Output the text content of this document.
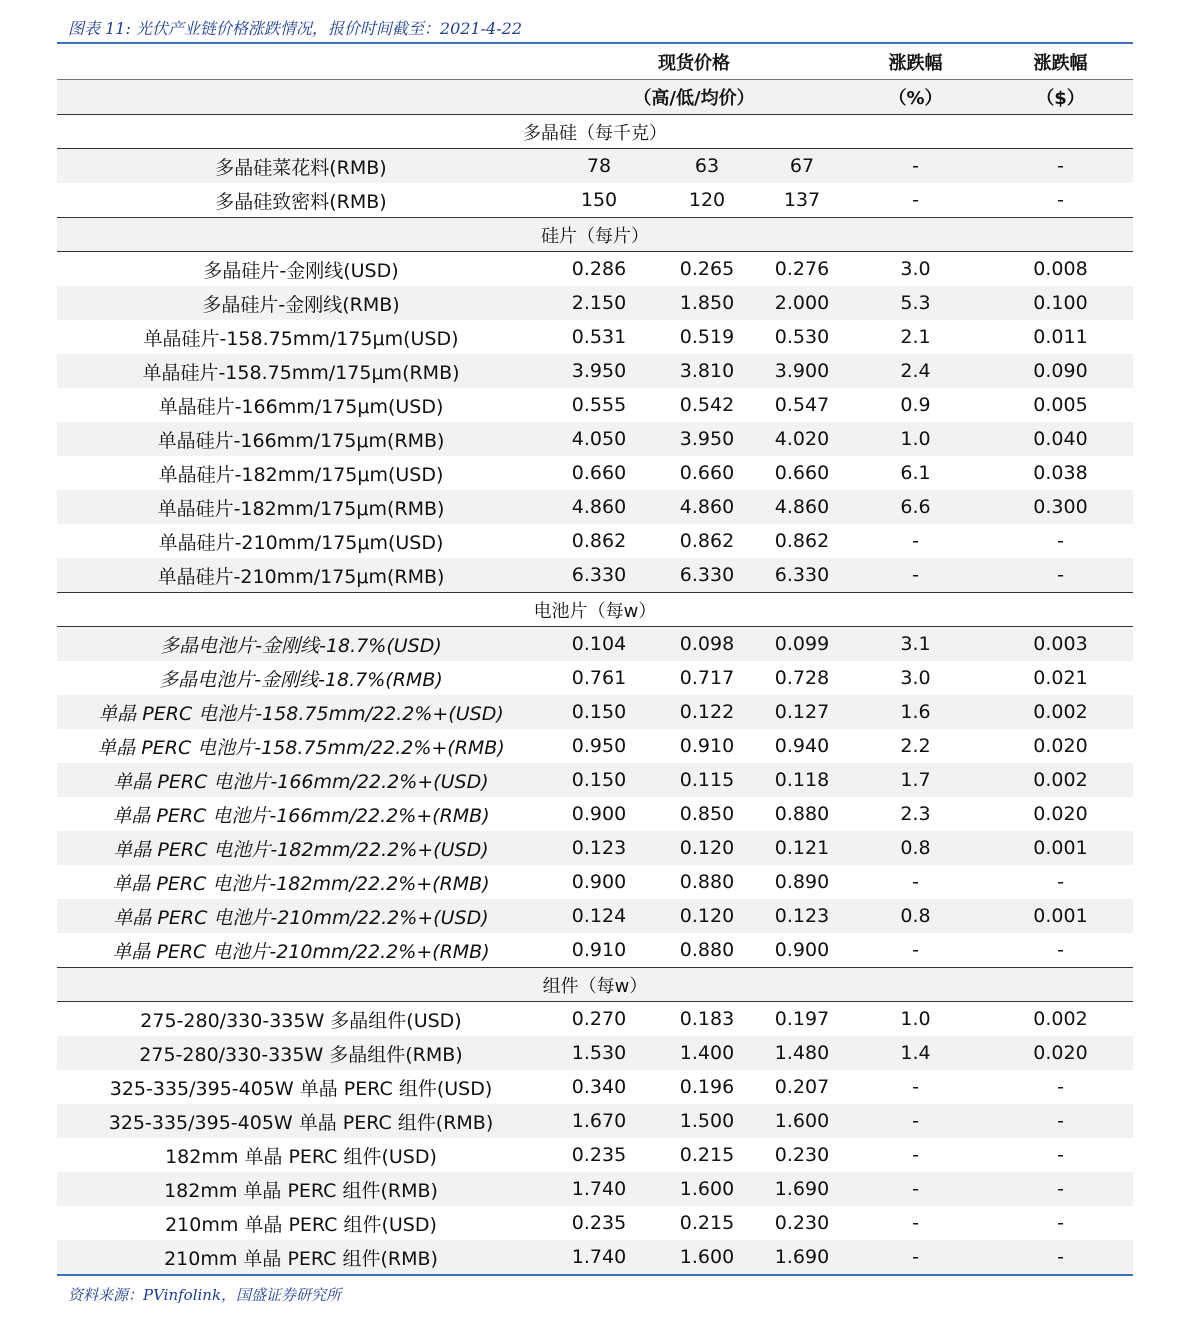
图表 11: 光伏产业链价格涨跌情况，报价时间截至：2021-4-22
	现货价格			涨跌幅	涨跌幅
	（高/低/均价）			（%）	（$）
多晶硅（每千克）					
多晶硅菜花料(RMB)	78	63	67	-	-
多晶硅致密料(RMB)	150	120	137	-	-
硅片（每片）					
多晶硅片-金刚线(USD)	0.286	0.265	0.276	3.0	0.008
多晶硅片-金刚线(RMB)	2.150	1.850	2.000	5.3	0.100
单晶硅片-158.75mm/175μm(USD)	0.531	0.519	0.530	2.1	0.011
单晶硅片-158.75mm/175μm(RMB)	3.950	3.810	3.900	2.4	0.090
单晶硅片-166mm/175μm(USD)	0.555	0.542	0.547	0.9	0.005
单晶硅片-166mm/175μm(RMB)	4.050	3.950	4.020	1.0	0.040
单晶硅片-182mm/175μm(USD)	0.660	0.660	0.660	6.1	0.038
单晶硅片-182mm/175μm(RMB)	4.860	4.860	4.860	6.6	0.300
单晶硅片-210mm/175μm(USD)	0.862	0.862	0.862	-	-
单晶硅片-210mm/175μm(RMB)	6.330	6.330	6.330	-	-
电池片（每w）					
多晶电池片-金刚线-18.7%(USD)	0.104	0.098	0.099	3.1	0.003
多晶电池片-金刚线-18.7%(RMB)	0.761	0.717	0.728	3.0	0.021
单晶 PERC 电池片-158.75mm/22.2%+(USD)	0.150	0.122	0.127	1.6	0.002
单晶 PERC 电池片-158.75mm/22.2%+(RMB)	0.950	0.910	0.940	2.2	0.020
单晶 PERC 电池片-166mm/22.2%+(USD)	0.150	0.115	0.118	1.7	0.002
单晶 PERC 电池片-166mm/22.2%+(RMB)	0.900	0.850	0.880	2.3	0.020
单晶 PERC 电池片-182mm/22.2%+(USD)	0.123	0.120	0.121	0.8	0.001
单晶 PERC 电池片-182mm/22.2%+(RMB)	0.900	0.880	0.890	-	-
单晶 PERC 电池片-210mm/22.2%+(USD)	0.124	0.120	0.123	0.8	0.001
单晶 PERC 电池片-210mm/22.2%+(RMB)	0.910	0.880	0.900	-	-
组件（每w）					
275-280/330-335W 多晶组件(USD)	0.270	0.183	0.197	1.0	0.002
275-280/330-335W 多晶组件(RMB)	1.530	1.400	1.480	1.4	0.020
325-335/395-405W 单晶 PERC 组件(USD)	0.340	0.196	0.207	-	-
325-335/395-405W 单晶 PERC 组件(RMB)	1.670	1.500	1.600	-	-
182mm 单晶 PERC 组件(USD)	0.235	0.215	0.230	-	-
182mm 单晶 PERC 组件(RMB)	1.740	1.600	1.690	-	-
210mm 单晶 PERC 组件(USD)	0.235	0.215	0.230	-	-
210mm 单晶 PERC 组件(RMB)	1.740	1.600	1.690	-	-
资料来源：PVinfolink，国盛证券研究所
